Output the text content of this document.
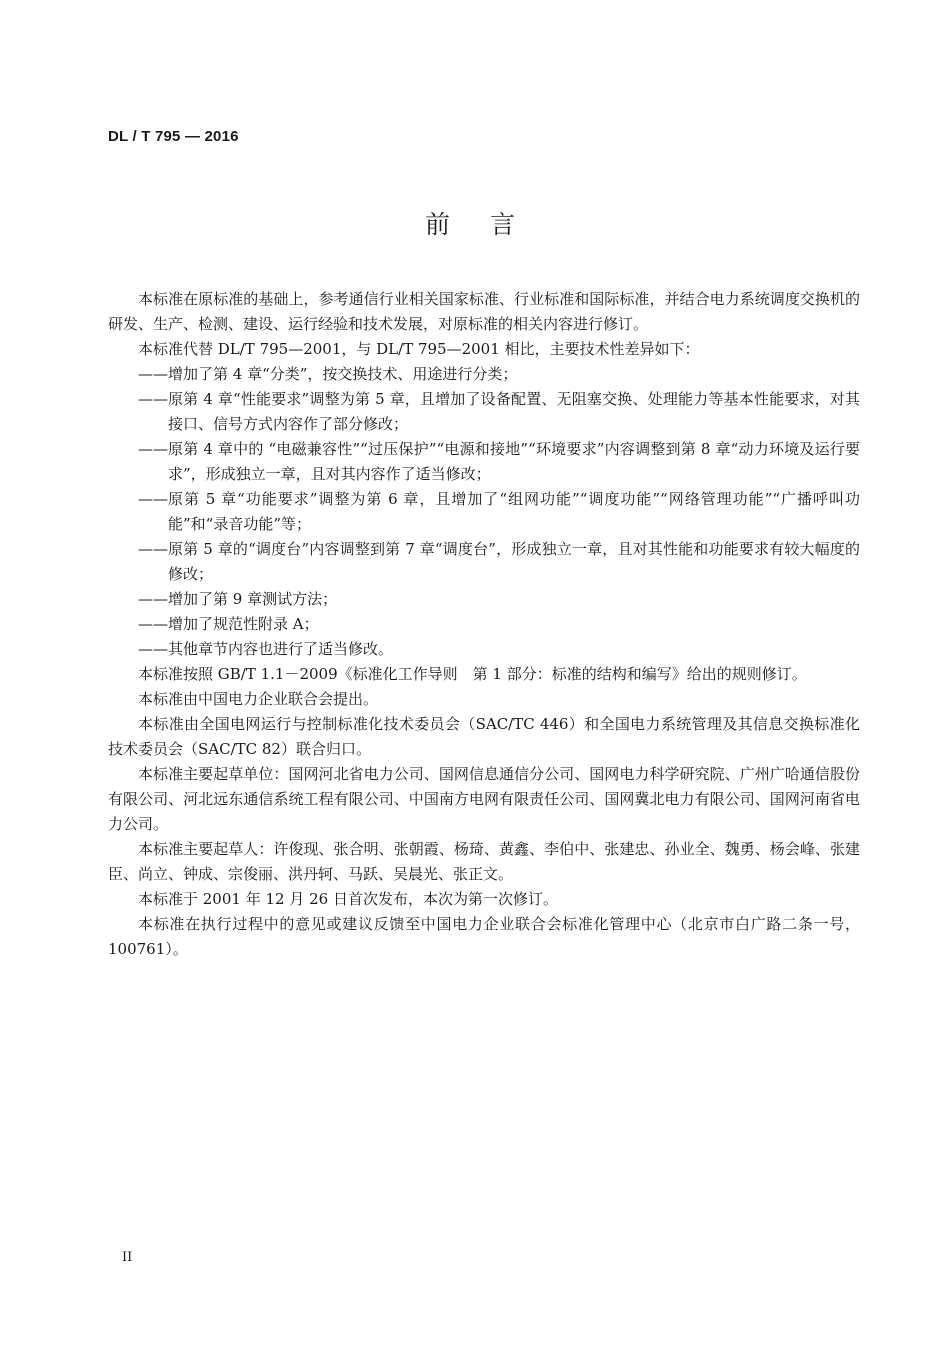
DL / T 795 — 2016
前 言

本标准在原标准的基础上，参考通信行业相关国家标准、行业标准和国际标准，并结合电力系统调度交换机的研发、生产、检测、建设、运行经验和技术发展，对原标准的相关内容进行修订。

本标准代替 DL/T 795—2001，与 DL/T 795—2001 相比，主要技术性差异如下：

—— 增加了第 4 章“分类”，按交换技术、用途进行分类；
—— 原第 4 章“性能要求”调整为第 5 章，且增加了设备配置、无阻塞交换、处理能力等基本性能要求，对其接口、信号方式内容作了部分修改；
—— 原第 4 章中的 “电磁兼容性”“过压保护”“电源和接地”“环境要求”内容调整到第 8 章“动力环境及运行要求”，形成独立一章，且对其内容作了适当修改；
—— 原第 5 章“功能要求”调整为第 6 章，且增加了“组网功能”“调度功能”“网络管理功能”“广播呼叫功能”和“录音功能”等；
—— 原第 5 章的“调度台”内容调整到第 7 章“调度台”，形成独立一章，且对其性能和功能要求有较大幅度的修改；
—— 增加了第 9 章测试方法；
—— 增加了规范性附录 A；
—— 其他章节内容也进行了适当修改。

本标准按照 GB/T 1.1－2009《标准化工作导则　第 1 部分：标准的结构和编写》给出的规则修订。

本标准由中国电力企业联合会提出。

本标准由全国电网运行与控制标准化技术委员会（SAC/TC 446）和全国电力系统管理及其信息交换标准化技术委员会（SAC/TC 82）联合归口。

本标准主要起草单位：国网河北省电力公司、国网信息通信分公司、国网电力科学研究院、广州广哈通信股份有限公司、河北远东通信系统工程有限公司、中国南方电网有限责任公司、国网冀北电力有限公司、国网河南省电力公司。

本标准主要起草人：许俊现、张合明、张朝霞、杨琦、黄鑫、李伯中、张建忠、孙业全、魏勇、杨会峰、张建臣、尚立、钟成、宗俊丽、洪丹轲、马跃、吴晨光、张正文。

本标准于 2001 年 12 月 26 日首次发布，本次为第一次修订。

本标准在执行过程中的意见或建议反馈至中国电力企业联合会标准化管理中心（北京市白广路二条一号，100761）。

II
